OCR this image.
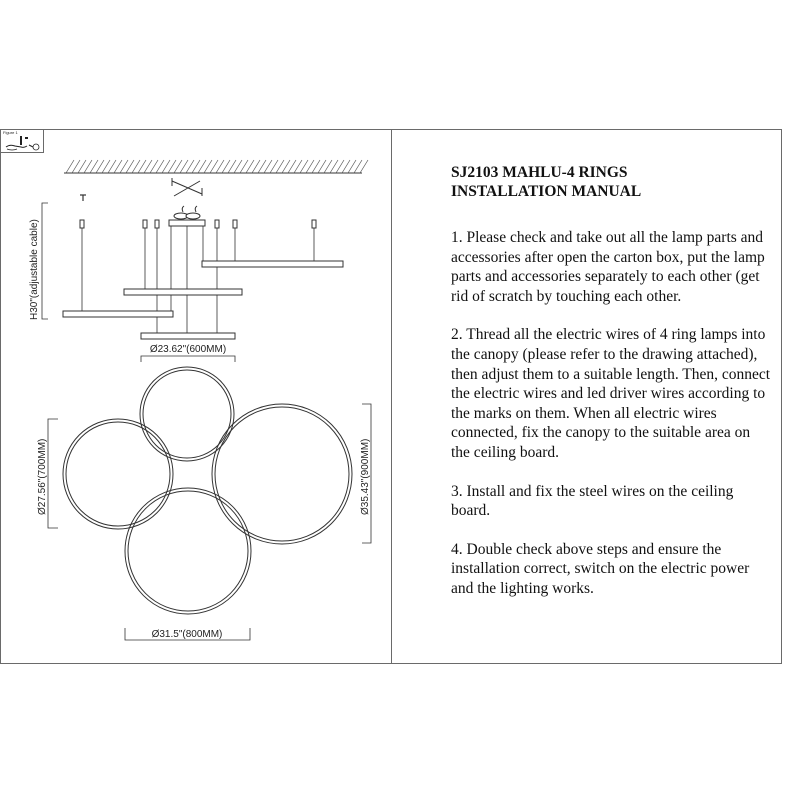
Figure 1
H30"(adjustable cable)
Ø23.62"(600MM)
Ø27.56"(700MM)	Ø35.43"(900MM)
Ø31.5"(800MM)
SJ2103 MAHLU-4 RINGS
INSTALLATION MANUAL

1. Please check and take out all the lamp parts and accessories after open the carton box, put the lamp parts and accessories separately to each other (get rid of scratch by touching each other.

2. Thread all the electric wires of 4 ring lamps into the canopy (please refer to the drawing attached), then adjust them to a suitable length. Then, connect the electric wires and led driver wires according to the marks on them. When all electric wires connected, fix the canopy to the suitable area on the ceiling board.

3. Install and fix the steel wires on the ceiling board.

4. Double check above steps and ensure the installation correct, switch on the electric power and the lighting works.
